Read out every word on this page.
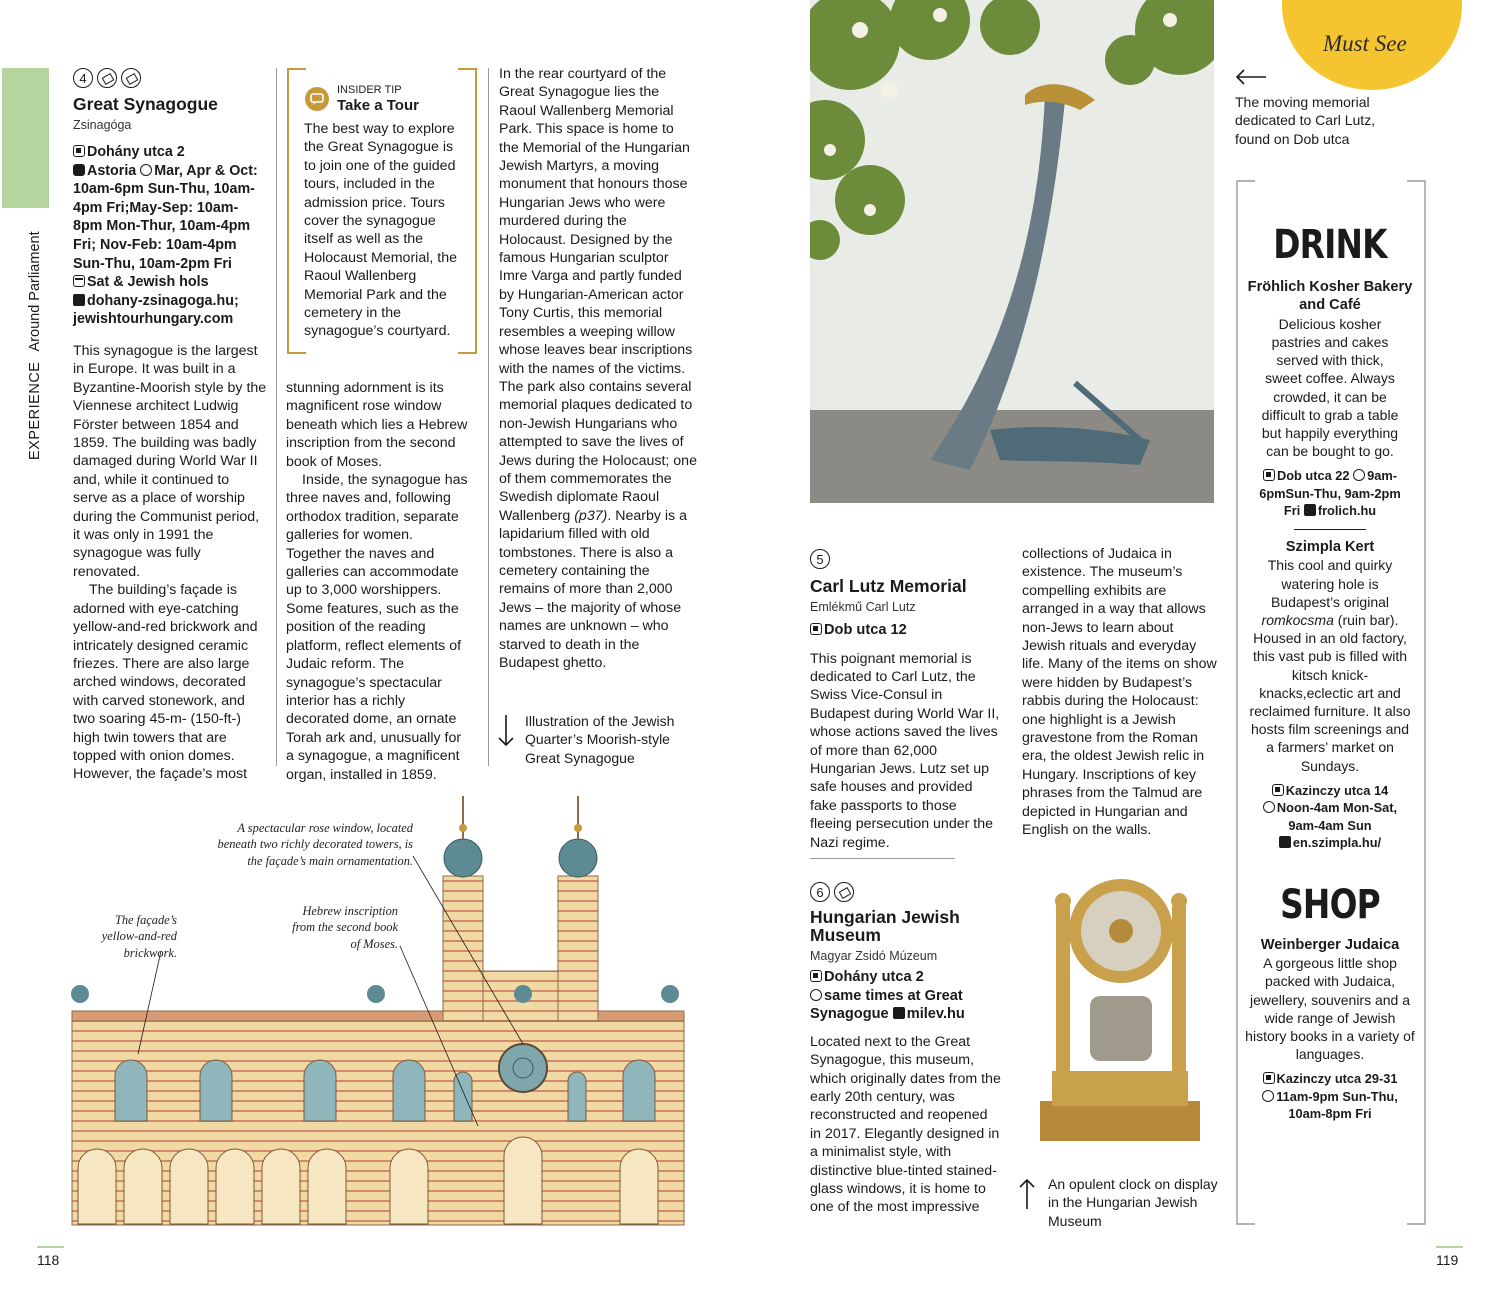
EXPERIENCE Around Parliament
4
Great Synagogue
Zsinagóga
Dohány utca 2
Astoria Mar, Apr & Oct:
10am-6pm Sun-Thu, 10am-
4pm Fri;May-Sep: 10am-
8pm Mon-Thur, 10am-4pm
Fri; Nov-Feb: 10am-4pm
Sun-Thu, 10am-2pm Fri
Sat & Jewish hols
dohany-zsinagoga.hu;
jewishtourhungary.com

This synagogue is the largest in Europe. It was built in a Byzantine-Moorish style by the Viennese architect Ludwig Förster between 1854 and 1859. The building was badly damaged during World War II and, while it continued to serve as a place of worship during the Communist period, it was only in 1991 the synagogue was fully renovated.

The building’s façade is adorned with eye-catching yellow-and-red brickwork and intricately designed ceramic friezes. There are also large arched windows, decorated with carved stonework, and two soaring 45-m- (150-ft-) high twin towers that are topped with onion domes. However, the façade’s most

INSIDER TIP
Take a Tour
The best way to explore the Great Synagogue is to join one of the guided tours, included in the admission price. Tours cover the synagogue itself as well as the Holocaust Memorial, the Raoul Wallenberg Memorial Park and the cemetery in the synagogue’s courtyard.

stunning adornment is its magnificent rose window beneath which lies a Hebrew inscription from the second book of Moses.

Inside, the synagogue has three naves and, following orthodox tradition, separate galleries for women. Together the naves and galleries can accommodate up to 3,000 worshippers. Some features, such as the position of the reading platform, reflect elements of Judaic reform. The synagogue’s spectacular interior has a richly decorated dome, an ornate Torah ark and, unusually for a synagogue, a magnificent organ, installed in 1859.

In the rear courtyard of the Great Synagogue lies the Raoul Wallenberg Memorial Park. This space is home to the Memorial of the Hungarian Jewish Martyrs, a moving monument that honours those Hungarian Jews who were murdered during the Holocaust. Designed by the famous Hungarian sculptor Imre Varga and partly funded by Hungarian-American actor Tony Curtis, this memorial resembles a weeping willow whose leaves bear inscriptions with the names of the victims. The park also contains several memorial plaques dedicated to non-Jewish Hungarians who attempted to save the lives of Jews during the Holocaust; one of them commemorates the Swedish diplomate Raoul Wallenberg (p37). Nearby is a lapidarium filled with old tombstones. There is also a cemetery containing the remains of more than 2,000 Jews – the majority of whose names are unknown – who starved to death in the Budapest ghetto.
Illustration of the Jewish Quarter’s Moorish-style Great Synagogue
A spectacular rose window, located beneath two richly decorated towers, is the façade’s main ornamentation.
The façade’s yellow-and-red brickwork.
Hebrew inscription from the second book of Moses.
118
Must See
The moving memorial dedicated to Carl Lutz, found on Dob utca
5
Carl Lutz Memorial
Emlékmű Carl Lutz
Dob utca 12
This poignant memorial is dedicated to Carl Lutz, the Swiss Vice-Consul in Budapest during World War II, whose actions saved the lives of more than 62,000 Hungarian Jews. Lutz set up safe houses and provided fake passports to those fleeing persecution under the Nazi regime.
6
Hungarian Jewish Museum
Magyar Zsidó Múzeum
Dohány utca 2
same times at Great
Synagogue milev.hu
Located next to the Great Synagogue, this museum, which originally dates from the early 20th century, was reconstructed and reopened in 2017. Elegantly designed in a minimalist style, with distinctive blue-tinted stained-glass windows, it is home to one of the most impressive
collections of Judaica in existence. The museum’s compelling exhibits are arranged in a way that allows non-Jews to learn about Jewish rituals and everyday life. Many of the items on show were hidden by Budapest’s rabbis during the Holocaust: one highlight is a Jewish gravestone from the Roman era, the oldest Jewish relic in Hungary. Inscriptions of key phrases from the Talmud are depicted in Hungarian and English on the walls.
An opulent clock on display in the Hungarian Jewish Museum
DRINK
Fröhlich Kosher Bakery and Café
Delicious kosher pastries and cakes served with thick, sweet coffee. Always crowded, it can be difficult to grab a table but happily everything can be bought to go.
Dob utca 22 9am-
6pmSun-Thu, 9am-2pm
Fri frolich.hu
Szimpla Kert
This cool and quirky watering hole is Budapest’s original romkocsma (ruin bar). Housed in an old factory, this vast pub is filled with kitsch knick-knacks,eclectic art and reclaimed furniture. It also hosts film screenings and a farmers’ market on Sundays.
Kazinczy utca 14
Noon-4am Mon-Sat,
9am-4am Sun
en.szimpla.hu/
SHOP
Weinberger Judaica
A gorgeous little shop packed with Judaica, jewellery, souvenirs and a wide range of Jewish history books in a variety of languages.
Kazinczy utca 29-31
11am-9pm Sun-Thu,
10am-8pm Fri
119
